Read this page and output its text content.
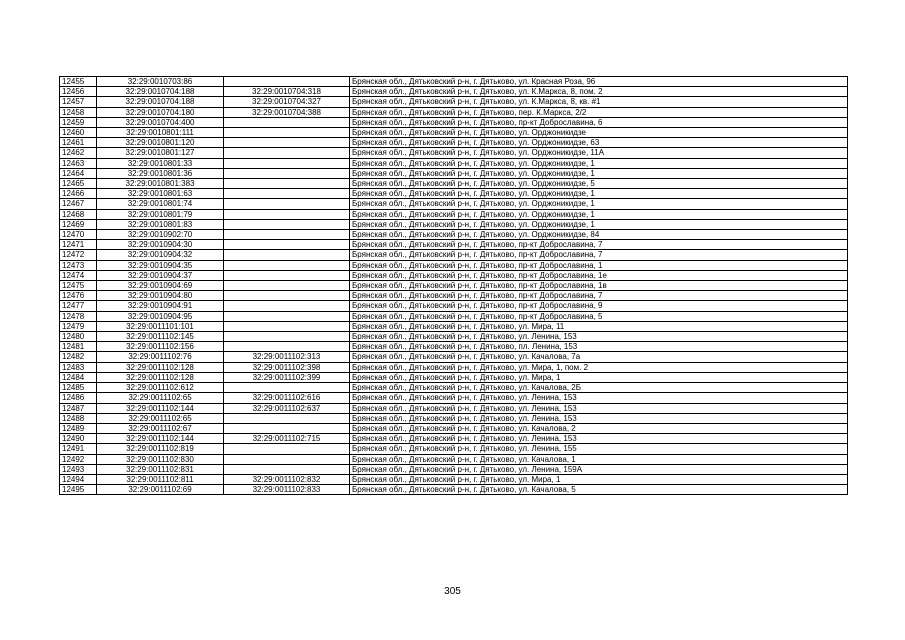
12455	32:29:0010703:86		Брянская обл., Дятьковский р-н, г. Дятьково, ул. Красная Роза, 96
12456	32:29:0010704:188	32:29:0010704:318	Брянская обл., Дятьковский р-н, г. Дятьково, ул. К.Маркса, 8, пом. 2
12457	32:29:0010704:188	32:29:0010704:327	Брянская обл., Дятьковский р-н, г. Дятьково, ул. К.Маркса, 8, кв. #1
12458	32:29:0010704:180	32:29:0010704:388	Брянская обл., Дятьковский р-н, г. Дятьково, пер. К.Маркса, 2/2
12459	32:29:0010704:400		Брянская обл., Дятьковский р-н, г. Дятьково, пр-кт Доброславина, 6
12460	32:29:0010801:111		Брянская обл., Дятьковский р-н, г. Дятьково, ул. Орджоникидзе
12461	32:29:0010801:120		Брянская обл., Дятьковский р-н, г. Дятьково, ул. Орджоникидзе, 63
12462	32:29:0010801:127		Брянская обл., Дятьковский р-н, г. Дятьково, ул. Орджоникидзе, 11А
12463	32:29:0010801:33		Брянская обл., Дятьковский р-н, г. Дятьково, ул. Орджоникидзе, 1
12464	32:29:0010801:36		Брянская обл., Дятьковский р-н, г. Дятьково, ул. Орджоникидзе, 1
12465	32:29:0010801:383		Брянская обл., Дятьковский р-н, г. Дятьково, ул. Орджоникидзе, 5
12466	32:29:0010801:63		Брянская обл., Дятьковский р-н, г. Дятьково, ул. Орджоникидзе, 1
12467	32:29:0010801:74		Брянская обл., Дятьковский р-н, г. Дятьково, ул. Орджоникидзе, 1
12468	32:29:0010801:79		Брянская обл., Дятьковский р-н, г. Дятьково, ул. Орджоникидзе, 1
12469	32:29:0010801:83		Брянская обл., Дятьковский р-н, г. Дятьково, ул. Орджоникидзе, 1
12470	32:29:0010902:70		Брянская обл., Дятьковский р-н, г. Дятьково, ул. Орджоникидзе, 84
12471	32:29:0010904:30		Брянская обл., Дятьковский р-н, г. Дятьково, пр-кт Доброславина, 7
12472	32:29:0010904:32		Брянская обл., Дятьковский р-н, г. Дятьково, пр-кт Доброславина, 7
12473	32:29:0010904:35		Брянская обл., Дятьковский р-н, г. Дятьково, пр-кт Доброславина, 1
12474	32:29:0010904:37		Брянская обл., Дятьковский р-н, г. Дятьково, пр-кт Доброславина, 1е
12475	32:29:0010904:69		Брянская обл., Дятьковский р-н, г. Дятьково, пр-кт Доброславина, 1в
12476	32:29:0010904:80		Брянская обл., Дятьковский р-н, г. Дятьково, пр-кт Доброславина, 7
12477	32:29:0010904:91		Брянская обл., Дятьковский р-н, г. Дятьково, пр-кт Доброславина, 9
12478	32:29:0010904:95		Брянская обл., Дятьковский р-н, г. Дятьково, пр-кт Доброславина, 5
12479	32:29:0011101:101		Брянская обл., Дятьковский р-н, г. Дятьково, ул. Мира, 11
12480	32:29:0011102:145		Брянская обл., Дятьковский р-н, г. Дятьково, ул. Ленина, 153
12481	32:29:0011102:156		Брянская обл., Дятьковский р-н, г. Дятьково, пл. Ленина, 153
12482	32:29:0011102:76	32:29:0011102:313	Брянская обл., Дятьковский р-н, г. Дятьково, ул. Качалова, 7а
12483	32:29:0011102:128	32:29:0011102:398	Брянская обл., Дятьковский р-н, г. Дятьково, ул. Мира, 1, пом. 2
12484	32:29:0011102:128	32:29:0011102:399	Брянская обл., Дятьковский р-н, г. Дятьково, ул. Мира, 1
12485	32:29:0011102:612		Брянская обл., Дятьковский р-н, г. Дятьково, ул. Качалова, 2Б
12486	32:29:0011102:65	32:29:0011102:616	Брянская обл., Дятьковский р-н, г. Дятьково, ул. Ленина, 153
12487	32:29:0011102:144	32:29:0011102:637	Брянская обл., Дятьковский р-н, г. Дятьково, ул. Ленина, 153
12488	32:29:0011102:65		Брянская обл., Дятьковский р-н, г. Дятьково, ул. Ленина, 153
12489	32:29:0011102:67		Брянская обл., Дятьковский р-н, г. Дятьково, ул. Качалова, 2
12490	32:29:0011102:144	32:29:0011102:715	Брянская обл., Дятьковский р-н, г. Дятьково, ул. Ленина, 153
12491	32:29:0011102:819		Брянская обл., Дятьковский р-н, г. Дятьково, ул. Ленина, 155
12492	32:29:0011102:830		Брянская обл., Дятьковский р-н, г. Дятьково, ул. Качалова, 1
12493	32:29:0011102:831		Брянская обл., Дятьковский р-н, г. Дятьково, ул. Ленина, 159А
12494	32:29:0011102:811	32:29:0011102:832	Брянская обл., Дятьковский р-н, г. Дятьково, ул. Мира, 1
12495	32:29:0011102:69	32:29:0011102:833	Брянская обл., Дятьковский р-н, г. Дятьково, ул. Качалова, 5
305
